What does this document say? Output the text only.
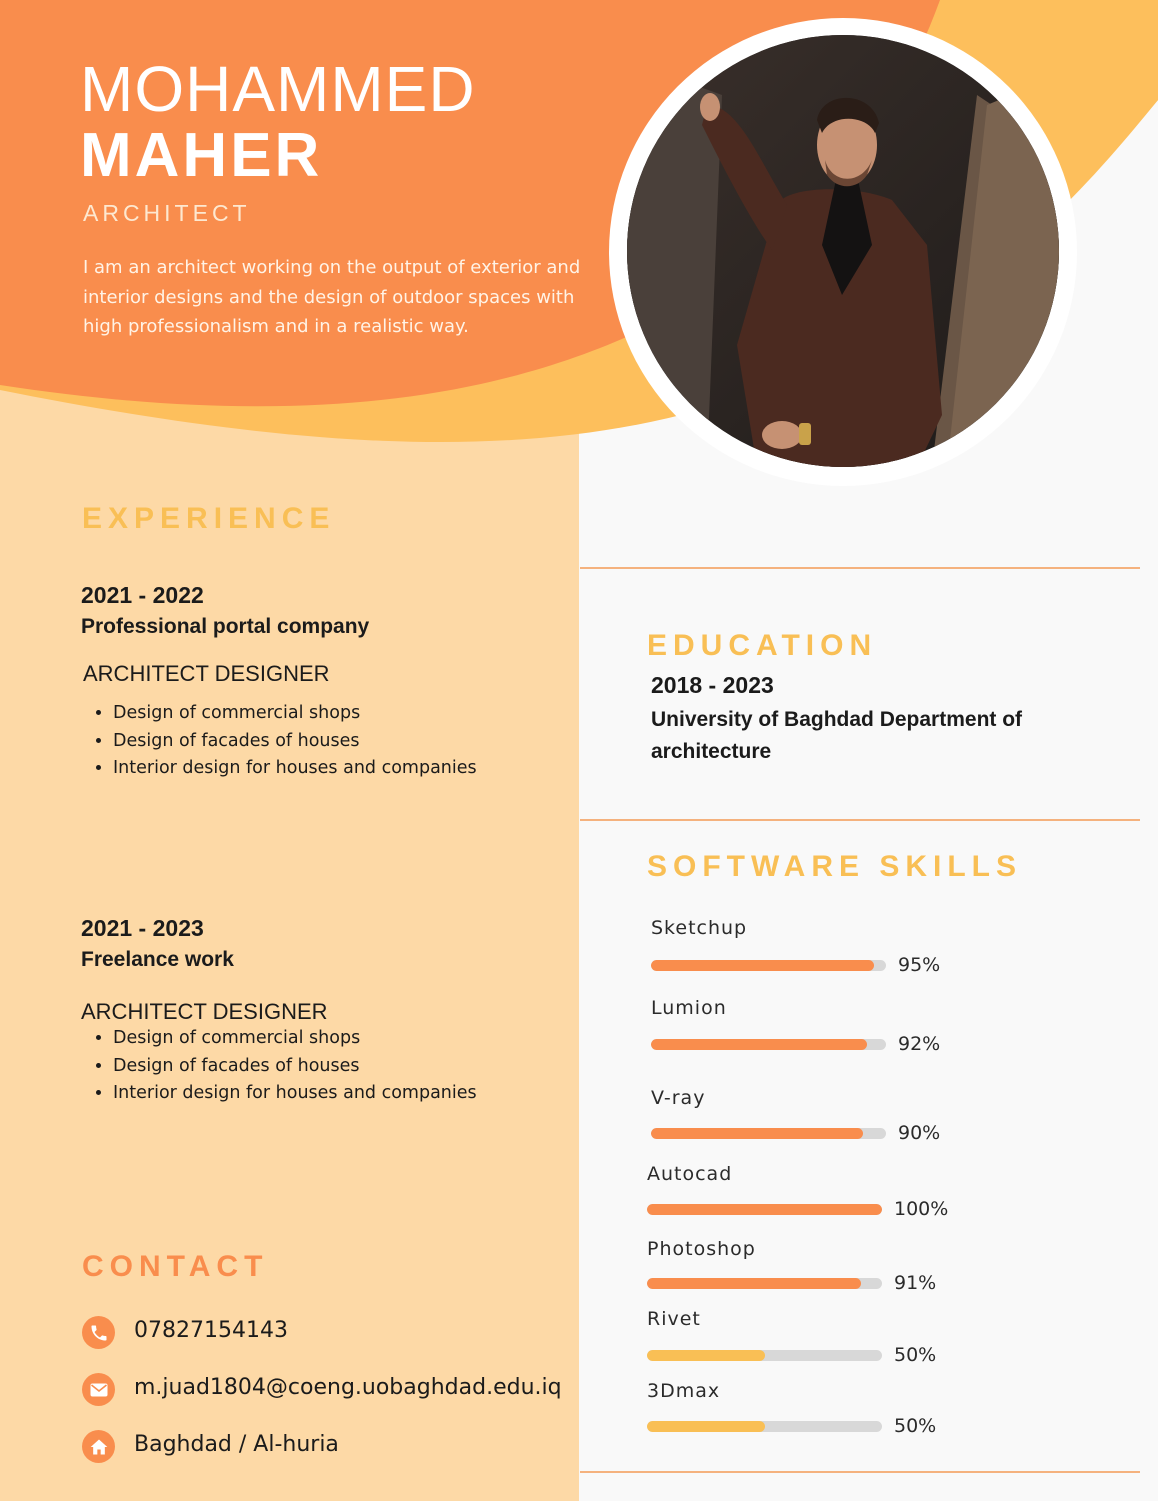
MOHAMMED
MAHER
ARCHITECT
I am an architect working on the output of exterior and interior designs and the design of outdoor spaces with high professionalism and in a realistic way.
EXPERIENCE
2021 - 2022
Professional portal company
ARCHITECT DESIGNER
• Design of commercial shops
• Design of facades of houses
• Interior design for houses and companies
2021 - 2023
Freelance work
ARCHITECT DESIGNER
• Design of commercial shops
• Design of facades of houses
• Interior design for houses and companies
CONTACT
07827154143
m.juad1804@coeng.uobaghdad.edu.iq
Baghdad / Al-huria
EDUCATION
2018 - 2023
University of Baghdad Department of architecture
SOFTWARE SKILLS
Sketchup
95%
Lumion
92%
V-ray
90%
Autocad
100%
Photoshop
91%
Rivet
50%
3Dmax
50%
